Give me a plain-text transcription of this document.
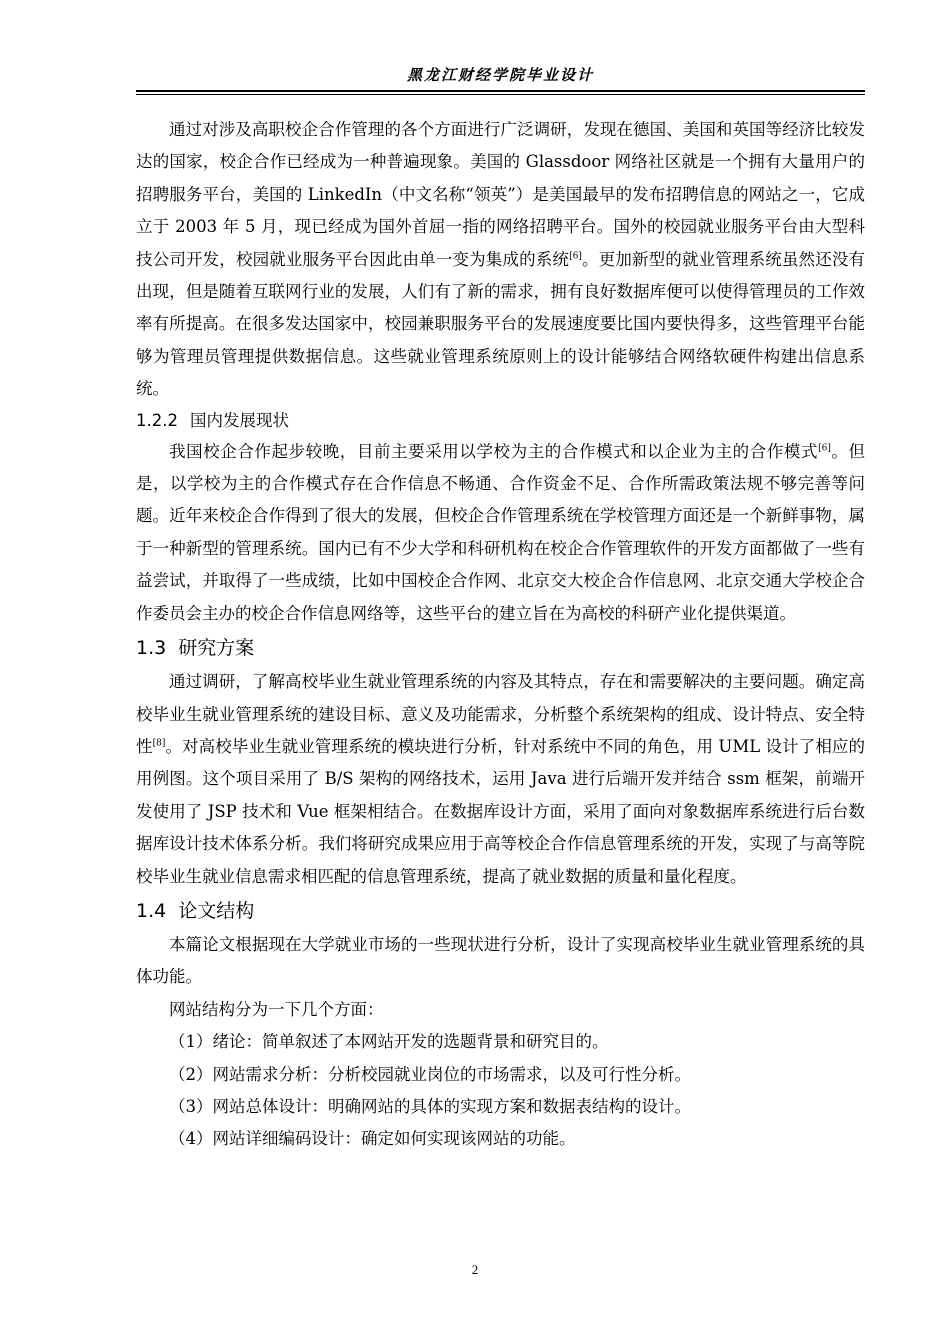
黑龙江财经学院毕业设计

通过对涉及高职校企合作管理的各个方面进行广泛调研，发现在德国、美国和英国等经济比较发达的国家，校企合作已经成为一种普遍现象。美国的 Glassdoor 网络社区就是一个拥有大量用户的招聘服务平台，美国的 LinkedIn（中文名称“领英”）是美国最早的发布招聘信息的网站之一，它成立于 2003 年 5 月，现已经成为国外首屈一指的网络招聘平台。国外的校园就业服务平台由大型科技公司开发，校园就业服务平台因此由单一变为集成的系统[6]。更加新型的就业管理系统虽然还没有出现，但是随着互联网行业的发展，人们有了新的需求，拥有良好数据库便可以使得管理员的工作效率有所提高。在很多发达国家中，校园兼职服务平台的发展速度要比国内要快得多，这些管理平台能够为管理员管理提供数据信息。这些就业管理系统原则上的设计能够结合网络软硬件构建出信息系统。

1.2.2 国内发展现状

我国校企合作起步较晚，目前主要采用以学校为主的合作模式和以企业为主的合作模式[6]。但是，以学校为主的合作模式存在合作信息不畅通、合作资金不足、合作所需政策法规不够完善等问题。近年来校企合作得到了很大的发展，但校企合作管理系统在学校管理方面还是一个新鲜事物，属于一种新型的管理系统。国内已有不少大学和科研机构在校企合作管理软件的开发方面都做了一些有益尝试，并取得了一些成绩，比如中国校企合作网、北京交大校企合作信息网、北京交通大学校企合作委员会主办的校企合作信息网络等，这些平台的建立旨在为高校的科研产业化提供渠道。

1.3 研究方案

通过调研，了解高校毕业生就业管理系统的内容及其特点，存在和需要解决的主要问题。确定高校毕业生就业管理系统的建设目标、意义及功能需求，分析整个系统架构的组成、设计特点、安全特性[8]。对高校毕业生就业管理系统的模块进行分析，针对系统中不同的角色，用 UML 设计了相应的用例图。这个项目采用了 B/S 架构的网络技术，运用 Java 进行后端开发并结合 ssm 框架，前端开发使用了 JSP 技术和 Vue 框架相结合。在数据库设计方面，采用了面向对象数据库系统进行后台数据库设计技术体系分析。我们将研究成果应用于高等校企合作信息管理系统的开发，实现了与高等院校毕业生就业信息需求相匹配的信息管理系统，提高了就业数据的质量和量化程度。

1.4 论文结构

本篇论文根据现在大学就业市场的一些现状进行分析，设计了实现高校毕业生就业管理系统的具体功能。

网站结构分为一下几个方面：

（1）绪论：简单叙述了本网站开发的选题背景和研究目的。

（2）网站需求分析：分析校园就业岗位的市场需求，以及可行性分析。

（3）网站总体设计：明确网站的具体的实现方案和数据表结构的设计。

（4）网站详细编码设计：确定如何实现该网站的功能。

2
